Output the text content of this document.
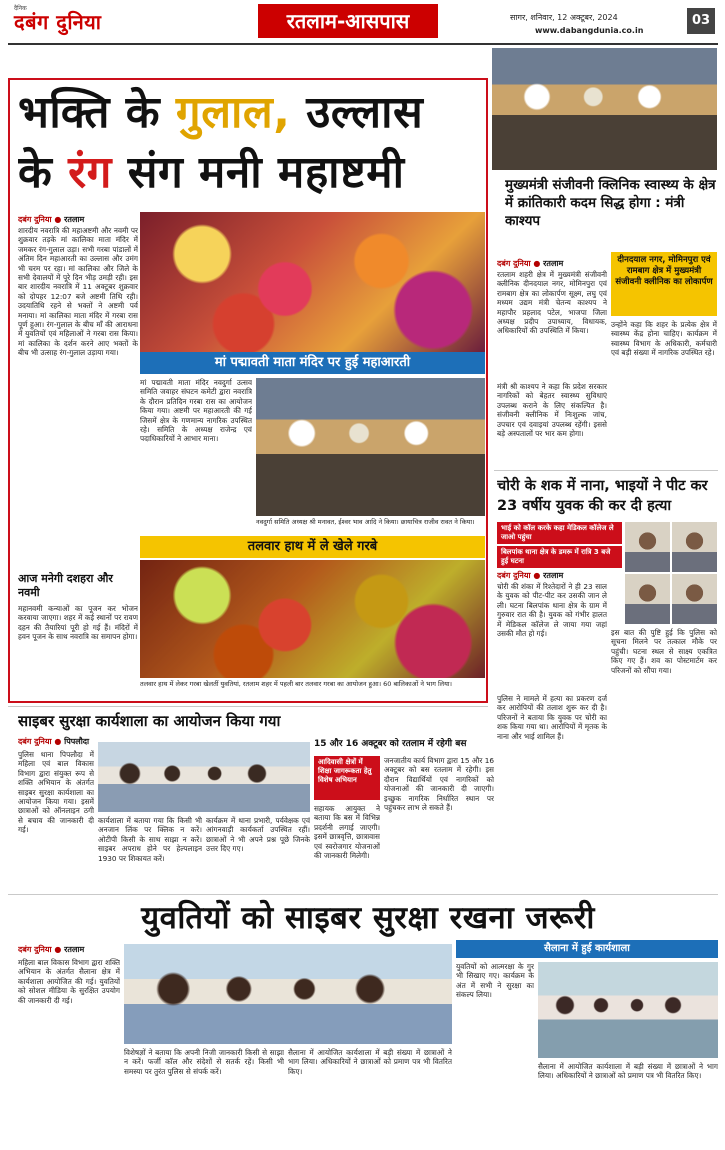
दैनिक
दबंग दुनिया	रतलाम-आसपास	सागर, शनिवार, 12 अक्टूबर, 2024
www.dabangdunia.co.in
03
भक्ति के गुलाल, उल्लास
के रंग संग मनी महाष्टमी
दबंग दुनिया ● रतलाम
शारदीय नवरात्रि की महाअष्टमी और नवमी पर शुक्रवार तड़के मां कालिका माता मंदिर में जमकर रंग-गुलाल उड़ा। सभी गरबा पांडालों में अंतिम दिन महाआरती का उल्लास और उमंग भी चरम पर रहा। मां कालिका और जिले के सभी देवालयों में पूरे दिन भीड़ उमड़ी रही। इस बार शारदीय नवरात्रि में 11 अक्टूबर शुक्रवार को दोपहर 12:07 बजे अष्टमी तिथि रही। उदयातिथि रहने से भक्तों ने अष्टमी पर्व मनाया। मां कालिका माता मंदिर में गरबा रास पूर्ण हुआ। रंग-गुलाल के बीच माँ की आराधना में युवतियों एवं महिलाओं ने गरबा रास किया। मां कालिका के दर्शन करने आए भक्तों के बीच भी उत्साह रंग-गुलाल उड़ाया गया।
मां पद्मावती माता मंदिर पर हुई महाआरती
मां पद्मावती माता मंदिर नवदुर्गा उत्सव समिति जवाहर संघटन कमेटी द्वारा नवरात्रि के दौरान प्रतिदिन गरबा रास का आयोजन किया गया। अष्टमी पर महाआरती की गई जिसमें क्षेत्र के गणमान्य नागरिक उपस्थित रहे। समिति के अध्यक्ष राजेन्द्र एवं पदाधिकारियों ने आभार माना।
नवदुर्गा समिति अध्यक्ष श्री मनावत, ईश्वर भाव आदि ने किया। छायाचित्र राजीव रावत ने किया।
तलवार हाथ में ले खेले गरबे
आज मनेगी दशहरा और नवमी
महानवमी कन्याओं का पूजन कर भोजन करवाया जाएगा। शहर में कई स्थानों पर रावण दहन की तैयारियां पूरी हो गई हैं। मंदिरों में हवन पूजन के साथ नवरात्रि का समापन होगा।
तलवार हाथ में लेकर गरबा खेलतीं युवतियां, रतलाम शहर में पहली बार तलवार गरबा का आयोजन हुआ। 60 बालिकाओं ने भाग लिया।
मुख्यमंत्री संजीवनी क्लिनिक स्वास्थ्य के क्षेत्र में क्रांतिकारी कदम सिद्ध होगा : मंत्री काश्यप
दबंग दुनिया ● रतलाम	दीनदयाल नगर, मोमिनपुरा एवं रामबाग क्षेत्र में मुख्यमंत्री संजीवनी क्लीनिक का लोकार्पण
रतलाम शहरी क्षेत्र में मुख्यमंत्री संजीवनी क्लीनिक दीनदयाल नगर, मोमिनपुरा एवं रामबाग क्षेत्र का लोकार्पण सूक्ष्म, लघु एवं मध्यम उद्यम मंत्री चेतन्य काश्यप ने महापौर प्रहलाद पटेल, भाजपा जिला अध्यक्ष प्रदीप उपाध्याय, विधायक, अधिकारियों की उपस्थिति में किया।
मंत्री श्री काश्यप ने कहा कि प्रदेश सरकार नागरिकों को बेहतर स्वास्थ्य सुविधाएं उपलब्ध कराने के लिए संकल्पित है। संजीवनी क्लीनिक में निःशुल्क जांच, उपचार एवं दवाइयां उपलब्ध रहेंगी। इससे बड़े अस्पतालों पर भार कम होगा।
उन्होंने कहा कि शहर के प्रत्येक क्षेत्र में स्वास्थ्य केंद्र होना चाहिए। कार्यक्रम में स्वास्थ्य विभाग के अधिकारी, कर्मचारी एवं बड़ी संख्या में नागरिक उपस्थित रहे।
चोरी के शक में नाना, भाइयों ने पीट कर 23 वर्षीय युवक की कर दी हत्या
भाई को कॉल करके कहा मेडिकल कॉलेज ले जाओ पहुंचा
बिलपांक थाना क्षेत्र के डमरू में रात्रि 3 बजे हुई घटना
दबंग दुनिया ● रतलाम
चोरी की शंका में रिश्तेदारों ने ही 23 साल के युवक को पीट-पीट कर उसकी जान ले ली। घटना बिलपांक थाना क्षेत्र के ग्राम में गुरुवार रात की है। युवक को गंभीर हालत में मेडिकल कॉलेज ले जाया गया जहां उसकी मौत हो गई।
पुलिस ने मामले में हत्या का प्रकरण दर्ज कर आरोपियों की तलाश शुरू कर दी है। परिजनों ने बताया कि युवक पर चोरी का शक किया गया था। आरोपियों में मृतक के नाना और भाई शामिल हैं।
इस बात की पुष्टि हुई कि पुलिस को सूचना मिलने पर तत्काल मौके पर पहुंची। घटना स्थल से साक्ष्य एकत्रित किए गए हैं। शव का पोस्टमार्टम कर परिजनों को सौंपा गया।
साइबर सुरक्षा कार्यशाला का आयोजन किया गया
दबंग दुनिया ● पिपलौदा
पुलिस थाना पिपलौदा में महिला एवं बाल विकास विभाग द्वारा संयुक्त रूप से शक्ति अभियान के अंतर्गत साइबर सुरक्षा कार्यशाला का आयोजन किया गया। इसमें छात्राओं को ऑनलाइन ठगी से बचाव की जानकारी दी गई।
कार्यशाला में बताया गया कि किसी भी अनजान लिंक पर क्लिक न करें। ओटीपी किसी के साथ साझा न करें। साइबर अपराध होने पर हेल्पलाइन 1930 पर शिकायत करें।
कार्यक्रम में थाना प्रभारी, पर्यवेक्षक एवं आंगनवाड़ी कार्यकर्ता उपस्थित रहीं। छात्राओं ने भी अपने प्रश्न पूछे जिनके उत्तर दिए गए।
15 और 16 अक्टूबर को रतलाम में रहेगी बस
आदिवासी क्षेत्रों में शिक्षा जागरूकता हेतु विशेष अभियान
जनजातीय कार्य विभाग द्वारा 15 और 16 अक्टूबर को बस रतलाम में रहेगी। इस दौरान विद्यार्थियों एवं नागरिकों को योजनाओं की जानकारी दी जाएगी। इच्छुक नागरिक निर्धारित स्थान पर पहुंचकर लाभ ले सकते हैं।
सहायक आयुक्त ने बताया कि बस में विभिन्न प्रदर्शनी लगाई जाएगी। इसमें छात्रवृत्ति, छात्रावास एवं स्वरोजगार योजनाओं की जानकारी मिलेगी।
युवतियों को साइबर सुरक्षा रखना जरूरी
दबंग दुनिया ● रतलाम
महिला बाल विकास विभाग द्वारा शक्ति अभियान के अंतर्गत सैलाना क्षेत्र में कार्यशाला आयोजित की गई। युवतियों को सोशल मीडिया के सुरक्षित उपयोग की जानकारी दी गई।
विशेषज्ञों ने बताया कि अपनी निजी जानकारी किसी से साझा न करें। फर्जी कॉल और संदेशों से सतर्क रहें। किसी भी समस्या पर तुरंत पुलिस से संपर्क करें।
सैलाना में आयोजित कार्यशाला में बड़ी संख्या में छात्राओं ने भाग लिया। अधिकारियों ने छात्राओं को प्रमाण पत्र भी वितरित किए।
सैलाना में हुई कार्यशाला
युवतियों को आत्मरक्षा के गुर भी सिखाए गए। कार्यक्रम के अंत में सभी ने सुरक्षा का संकल्प लिया।
सैलाना में आयोजित कार्यशाला में बड़ी संख्या में छात्राओं ने भाग लिया। अधिकारियों ने छात्राओं को प्रमाण पत्र भी वितरित किए।
